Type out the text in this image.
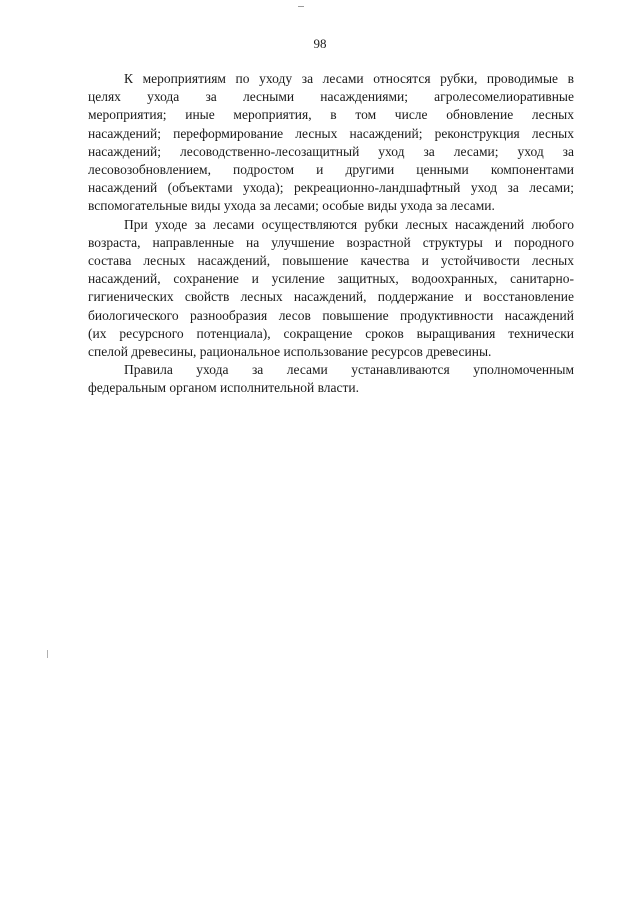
98

К мероприятиям по уходу за лесами относятся рубки, проводимые в
целях ухода за лесными насаждениями; агролесомелиоративные
мероприятия; иные мероприятия, в том числе обновление лесных
насаждений; переформирование лесных насаждений; реконструкция лесных
насаждений; лесоводственно-лесозащитный уход за лесами; уход за
лесовозобновлением, подростом и другими ценными компонентами
насаждений (объектами ухода); рекреационно-ландшафтный уход за лесами;
вспомогательные виды ухода за лесами; особые виды ухода за лесами.

При уходе за лесами осуществляются рубки лесных насаждений любого
возраста, направленные на улучшение возрастной структуры и породного
состава лесных насаждений, повышение качества и устойчивости лесных
насаждений, сохранение и усиление защитных, водоохранных, санитарно-
гигиенических свойств лесных насаждений, поддержание и восстановление
биологического разнообразия лесов повышение продуктивности насаждений
(их ресурсного потенциала), сокращение сроков выращивания технически
спелой древесины, рациональное использование ресурсов древесины.

Правила ухода за лесами устанавливаются уполномоченным
федеральным органом исполнительной власти.
